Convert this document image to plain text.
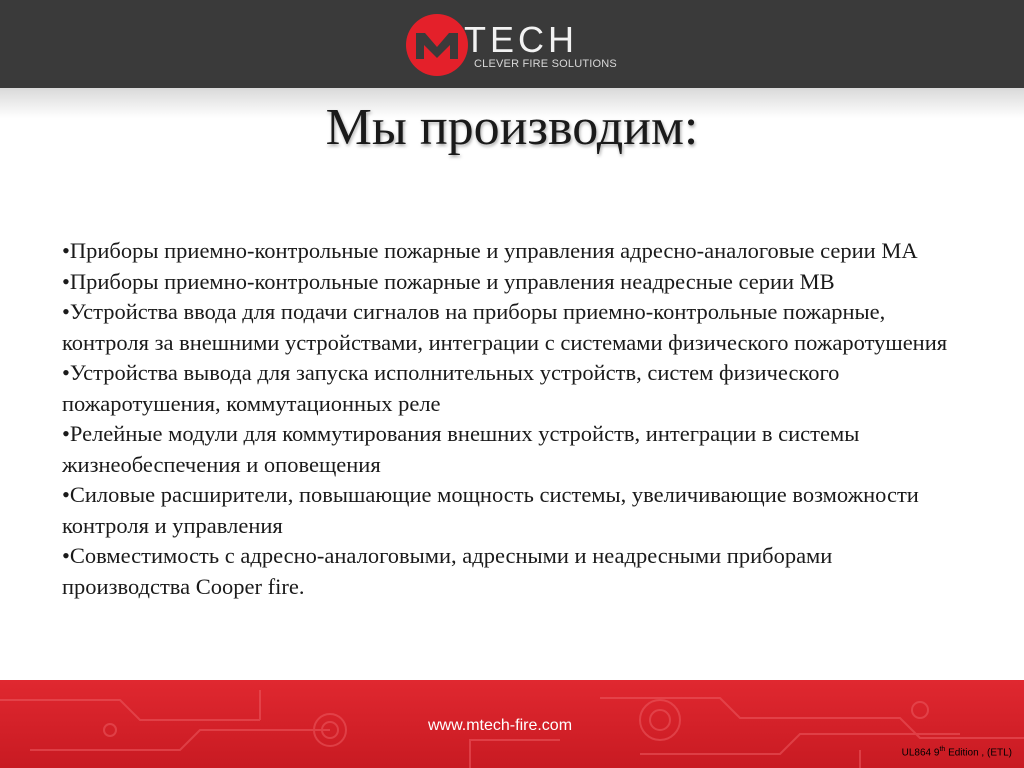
TECH
CLEVER FIRE SOLUTIONS
Мы производим:

•Приборы приемно-контрольные пожарные и управления адресно-аналоговые серии МА

•Приборы приемно-контрольные пожарные и управления неадресные серии МВ

•Устройства ввода для подачи сигналов на приборы приемно-контрольные пожарные, контроля за внешними устройствами, интеграции с системами физического пожаротушения

•Устройства вывода для запуска исполнительных устройств, систем физического пожаротушения, коммутационных реле

•Релейные модули для коммутирования внешних устройств, интеграции в системы жизнеобеспечения и оповещения

•Силовые расширители, повышающие мощность системы, увеличивающие возможности контроля и управления

•Совместимость с адресно-аналоговыми, адресными и неадресными приборами производства Cooper fire.

www.mtech-fire.com
UL864 9th Edition , (ETL)
